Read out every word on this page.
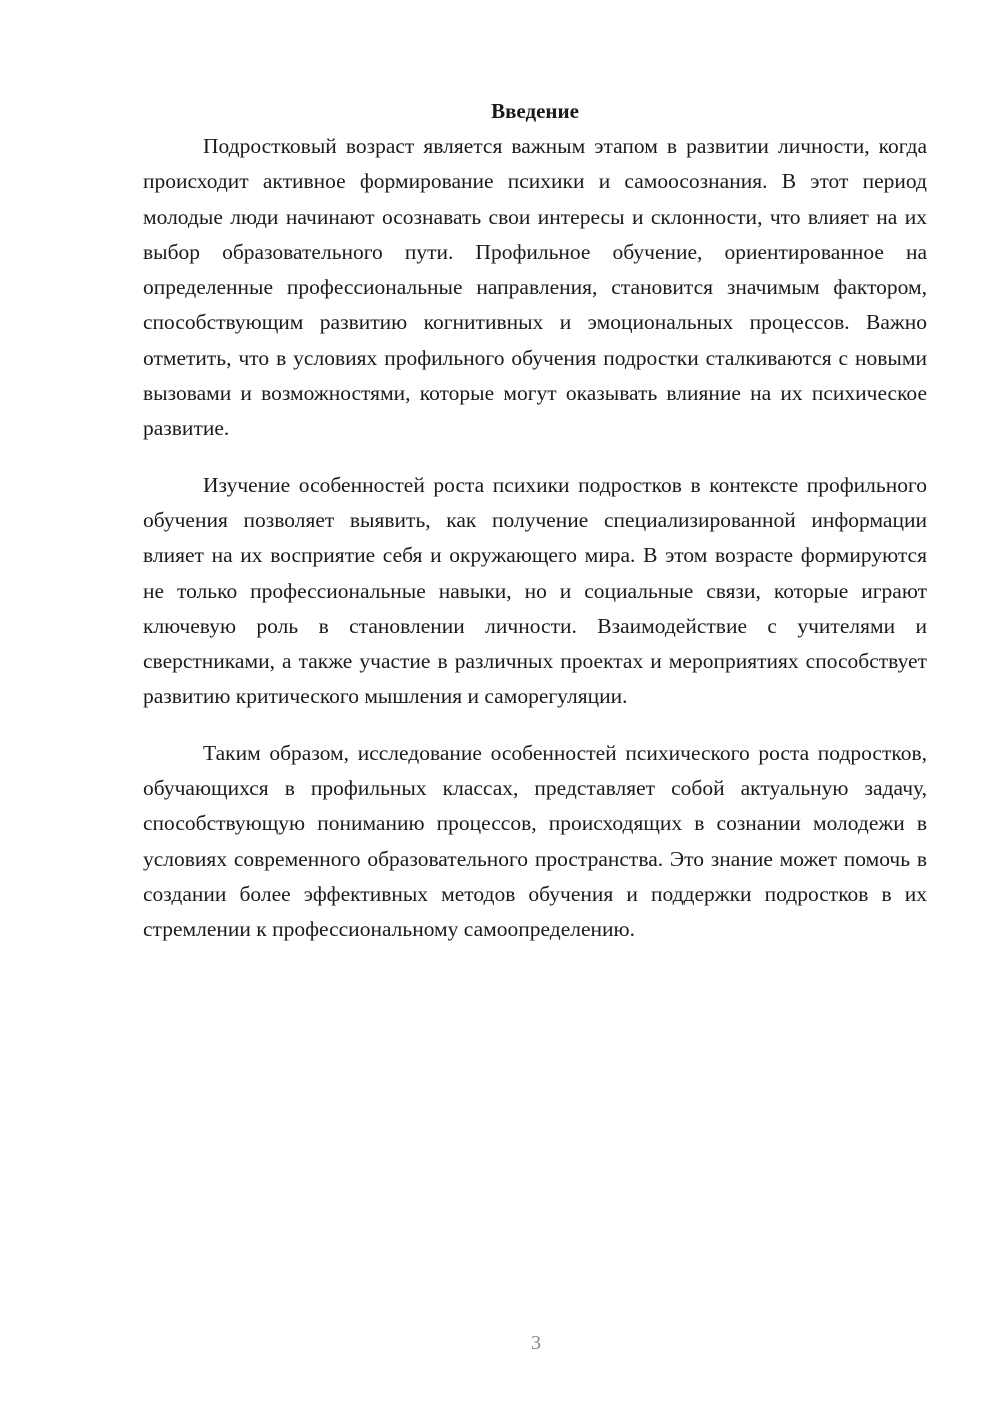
Введение

Подростковый возраст является важным этапом в развитии личности, когда происходит активное формирование психики и самоосознания. В этот период молодые люди начинают осознавать свои интересы и склонности, что влияет на их выбор образовательного пути. Профильное обучение, ориентированное на определенные профессиональные направления, становится значимым фактором, способствующим развитию когнитивных и эмоциональных процессов. Важно отметить, что в условиях профильного обучения подростки сталкиваются с новыми вызовами и возможностями, которые могут оказывать влияние на их психическое развитие.

Изучение особенностей роста психики подростков в контексте профильного обучения позволяет выявить, как получение специализированной информации влияет на их восприятие себя и окружающего мира. В этом возрасте формируются не только профессиональные навыки, но и социальные связи, которые играют ключевую роль в становлении личности. Взаимодействие с учителями и сверстниками, а также участие в различных проектах и мероприятиях способствует развитию критического мышления и саморегуляции.

Таким образом, исследование особенностей психического роста подростков, обучающихся в профильных классах, представляет собой актуальную задачу, способствующую пониманию процессов, происходящих в сознании молодежи в условиях современного образовательного пространства. Это знание может помочь в создании более эффективных методов обучения и поддержки подростков в их стремлении к профессиональному самоопределению.

3
